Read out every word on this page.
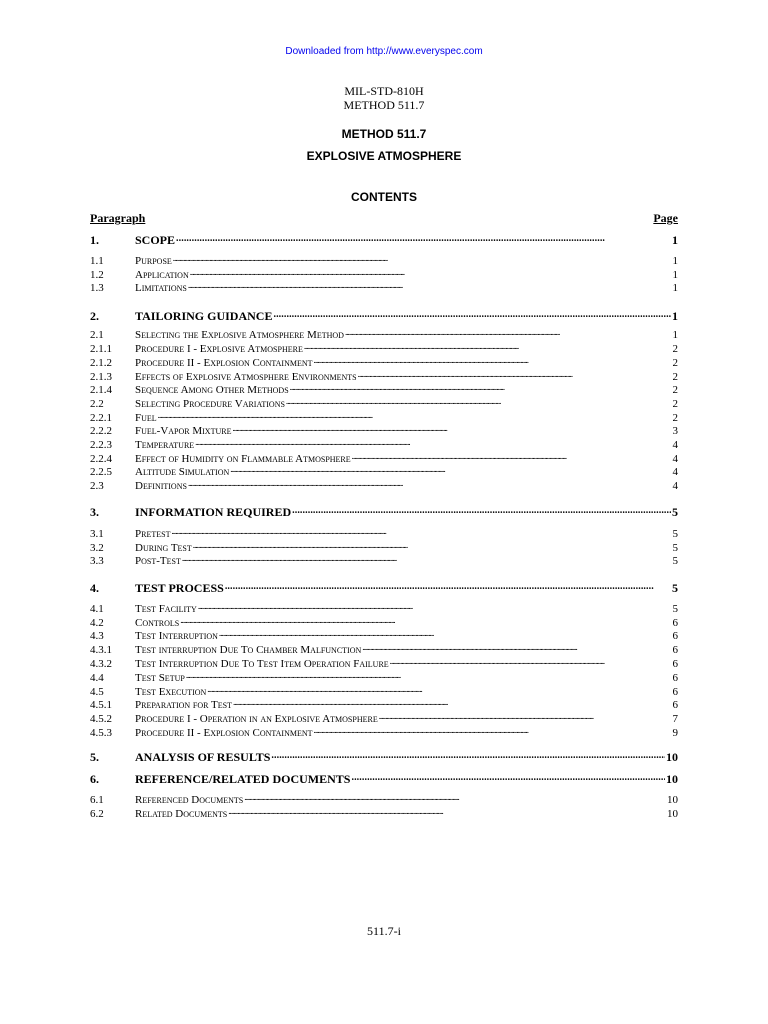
Downloaded from http://www.everyspec.com
MIL-STD-810H
METHOD 511.7
METHOD 511.7
EXPLOSIVE ATMOSPHERE
CONTENTS
Paragraph	Page
1.	SCOPE . . .	1
1.1	Purpose . . .	1
1.2	Application . . .	1
1.3	Limitations . . .	1
2.	TAILORING GUIDANCE . . .	1
2.1	Selecting the Explosive Atmosphere Method . . .	1
2.1.1	Procedure I - Explosive Atmosphere . . .	2
2.1.2	Procedure II - Explosion Containment . . .	2
2.1.3	Effects of Explosive Atmosphere Environments . . .	2
2.1.4	Sequence Among Other Methods . . .	2
2.2	Selecting Procedure Variations . . .	2
2.2.1	Fuel . . .	2
2.2.2	Fuel-Vapor Mixture . . .	3
2.2.3	Temperature . . .	4
2.2.4	Effect of Humidity on Flammable Atmosphere . . .	4
2.2.5	Altitude Simulation . . .	4
2.3	Definitions . . .	4
3.	INFORMATION REQUIRED . . .	5
3.1	Pretest . . .	5
3.2	During Test . . .	5
3.3	Post-Test . . .	5
4.	TEST PROCESS . . .	5
4.1	Test Facility . . .	5
4.2	Controls . . .	6
4.3	Test Interruption . . .	6
4.3.1	Test interruption Due To Chamber Malfunction . . .	6
4.3.2	Test Interruption Due To Test Item Operation Failure . . .	6
4.4	Test Setup . . .	6
4.5	Test Execution . . .	6
4.5.1	Preparation for Test . . .	6
4.5.2	Procedure I - Operation in an Explosive Atmosphere . . .	7
4.5.3	Procedure II - Explosion Containment . . .	9
5.	ANALYSIS OF RESULTS . . .	10
6.	REFERENCE/RELATED DOCUMENTS . . .	10
6.1	Referenced Documents . . .	10
6.2	Related Documents . . .	10
511.7-i
